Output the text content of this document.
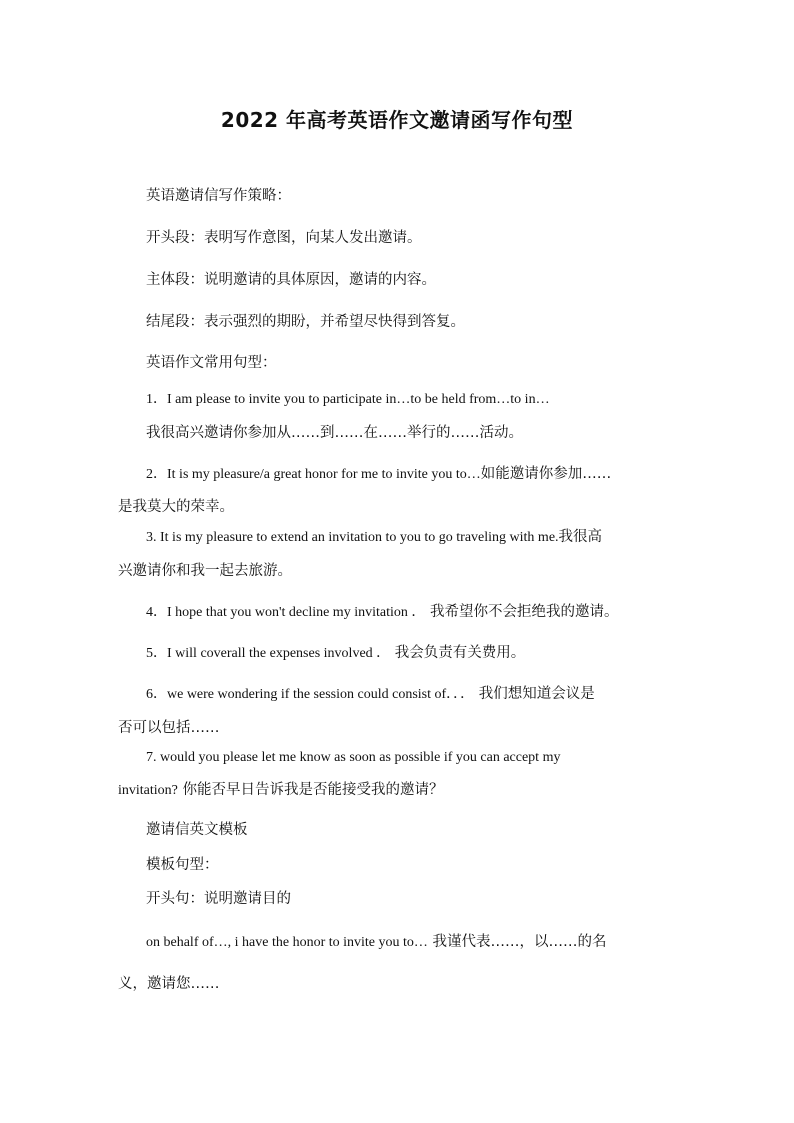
2022 年高考英语作文邀请函写作句型
英语邀请信写作策略：
开头段：表明写作意图，向某人发出邀请。
主体段：说明邀请的具体原因，邀请的内容。
结尾段：表示强烈的期盼，并希望尽快得到答复。
英语作文常用句型：
1．I am please to invite you to participate in…to be held from…to in…
我很高兴邀请你参加从……到……在……举行的……活动。
2．It is my pleasure/a great honor for me to invite you to…如能邀请你参加……
是我莫大的荣幸。
3. It is my pleasure to extend an invitation to you to go traveling with me.我很高
兴邀请你和我一起去旅游。
4．I hope that you won't decline my invitation ． 我希望你不会拒绝我的邀请。
5．I will coverall the expenses involved ． 我会负责有关费用。
6．we were wondering if the session could consist of．．． 我们想知道会议是
否可以包括……
7. would you please let me know as soon as possible if you can accept my
invitation? 你能否早日告诉我是否能接受我的邀请？
邀请信英文模板
模板句型：
开头句：说明邀请目的
on behalf of…, i have the honor to invite you to… 我谨代表……，以……的名
义，邀请您……
